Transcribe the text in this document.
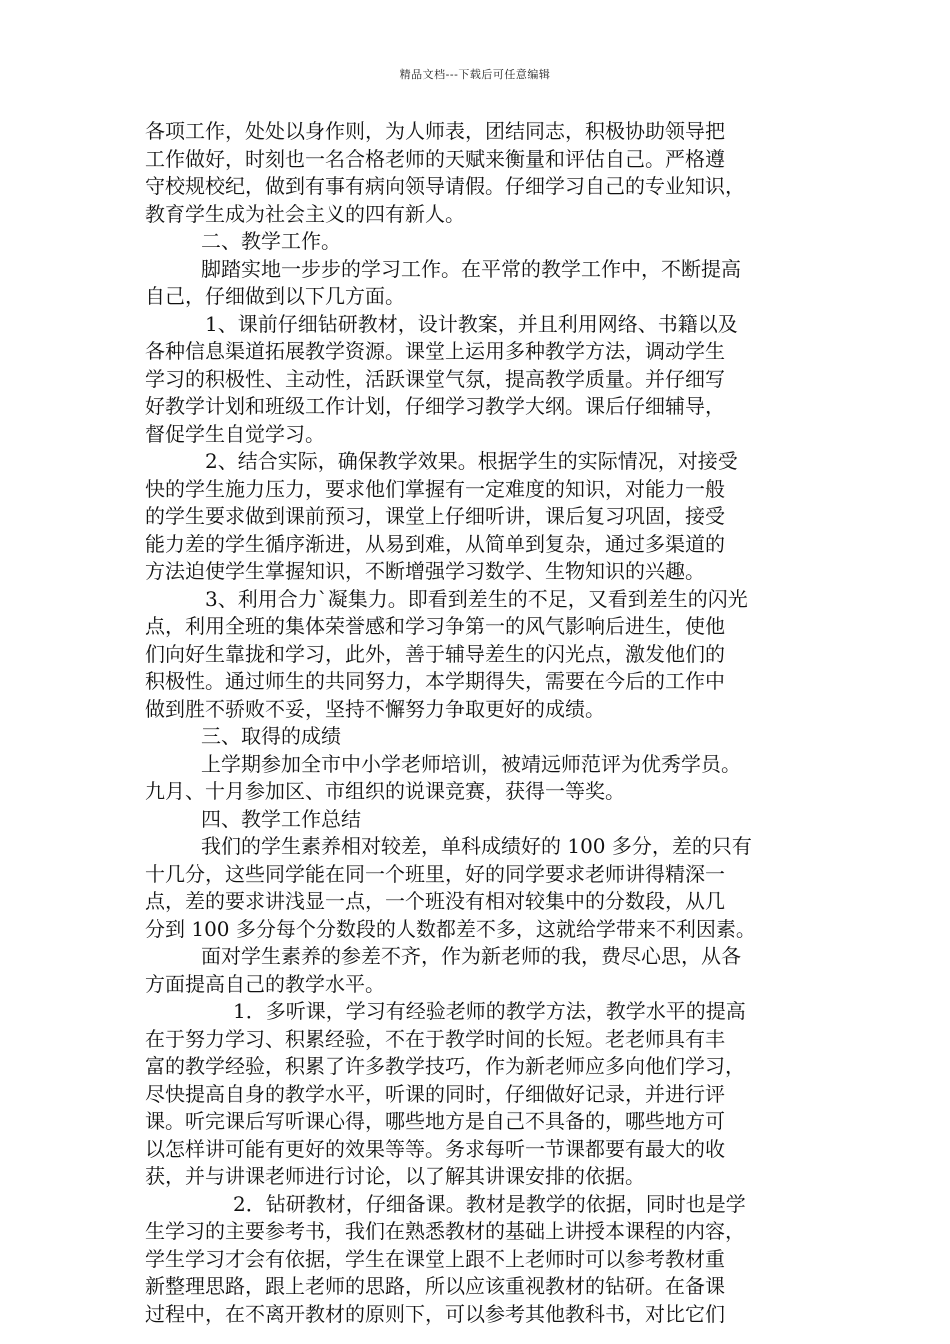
精品文档---下载后可任意编辑
各项工作，处处以身作则，为人师表，团结同志，积极协助领导把
工作做好，时刻也一名合格老师的天赋来衡量和评估自己。严格遵
守校规校纪，做到有事有病向领导请假。仔细学习自己的专业知识，
教育学生成为社会主义的四有新人。
二、教学工作。
脚踏实地一步步的学习工作。在平常的教学工作中，不断提高
自己，仔细做到以下几方面。
1、课前仔细钻研教材，设计教案，并且利用网络、书籍以及
各种信息渠道拓展教学资源。课堂上运用多种教学方法，调动学生
学习的积极性、主动性，活跃课堂气氛，提高教学质量。并仔细写
好教学计划和班级工作计划，仔细学习教学大纲。课后仔细辅导，
督促学生自觉学习。
2、结合实际，确保教学效果。根据学生的实际情况，对接受
快的学生施力压力，要求他们掌握有一定难度的知识，对能力一般
的学生要求做到课前预习，课堂上仔细听讲，课后复习巩固，接受
能力差的学生循序渐进，从易到难，从简单到复杂，通过多渠道的
方法迫使学生掌握知识，不断增强学习数学、生物知识的兴趣。
3、利用合力`凝集力。即看到差生的不足，又看到差生的闪光
点，利用全班的集体荣誉感和学习争第一的风气影响后进生，使他
们向好生靠拢和学习，此外，善于辅导差生的闪光点，激发他们的
积极性。通过师生的共同努力，本学期得失，需要在今后的工作中
做到胜不骄败不妥，坚持不懈努力争取更好的成绩。
三、取得的成绩
上学期参加全市中小学老师培训，被靖远师范评为优秀学员。
九月、十月参加区、市组织的说课竞赛，获得一等奖。
四、教学工作总结
我们的学生素养相对较差，单科成绩好的 100 多分，差的只有
十几分，这些同学能在同一个班里，好的同学要求老师讲得精深一
点，差的要求讲浅显一点，一个班没有相对较集中的分数段，从几
分到 100 多分每个分数段的人数都差不多，这就给学带来不利因素。
面对学生素养的参差不齐，作为新老师的我，费尽心思，从各
方面提高自己的教学水平。
1．多听课，学习有经验老师的教学方法，教学水平的提高
在于努力学习、积累经验，不在于教学时间的长短。老老师具有丰
富的教学经验，积累了许多教学技巧，作为新老师应多向他们学习，
尽快提高自身的教学水平，听课的同时，仔细做好记录，并进行评
课。听完课后写听课心得，哪些地方是自己不具备的，哪些地方可
以怎样讲可能有更好的效果等等。务求每听一节课都要有最大的收
获，并与讲课老师进行讨论，以了解其讲课安排的依据。
2．钻研教材，仔细备课。教材是教学的依据，同时也是学
生学习的主要参考书，我们在熟悉教材的基础上讲授本课程的内容，
学生学习才会有依据，学生在课堂上跟不上老师时可以参考教材重
新整理思路，跟上老师的思路，所以应该重视教材的钻研。在备课
过程中，在不离开教材的原则下，可以参考其他教科书，对比它们
